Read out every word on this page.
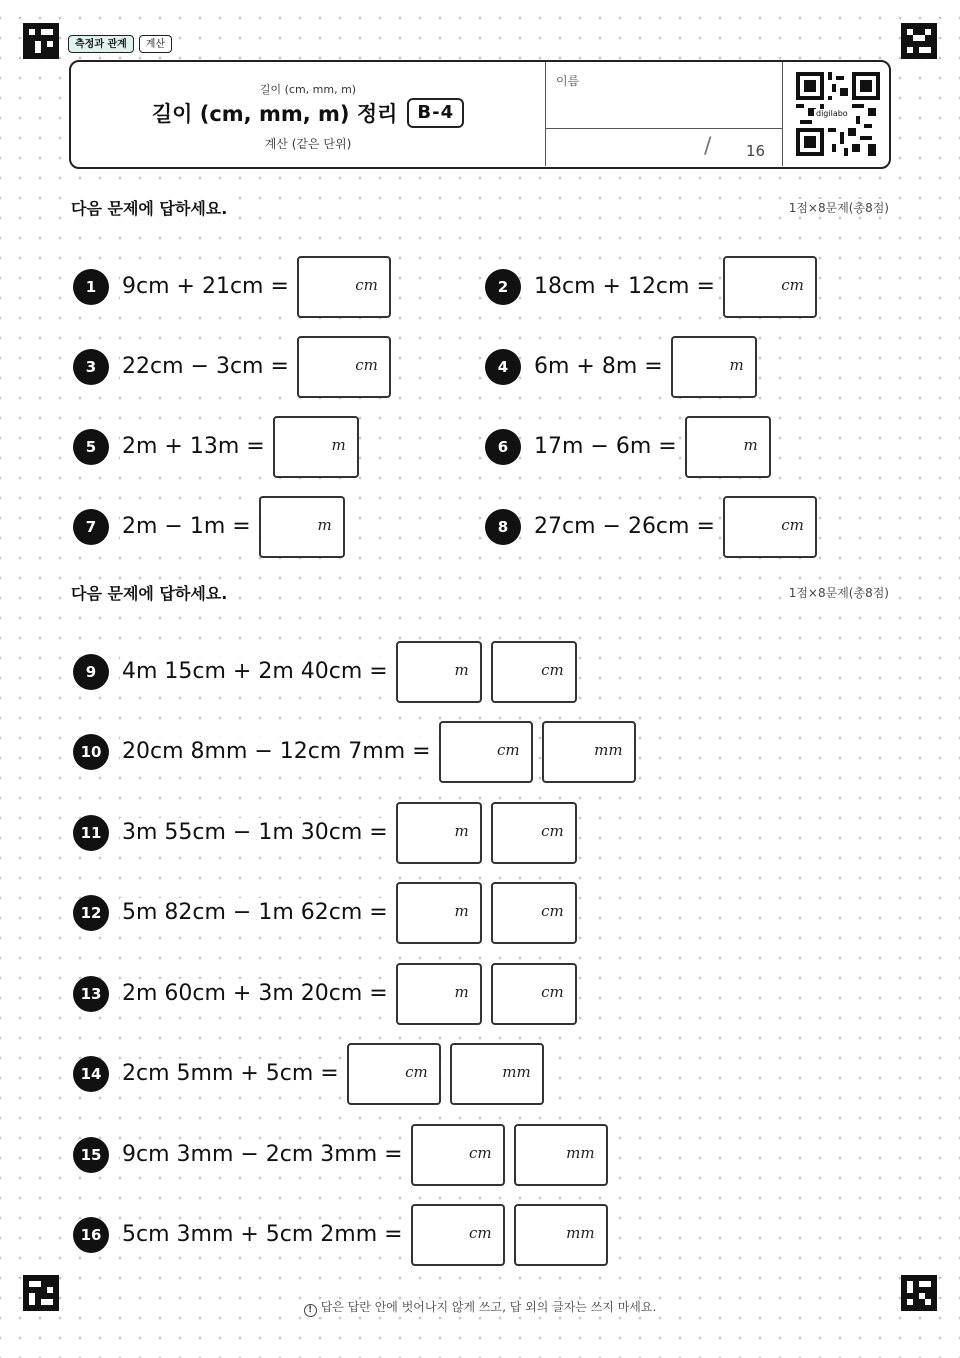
측정과 관계	계산
길이 (cm, mm, m)
길이 (cm, mm, m) 정리	B-4
계산 (같은 단위)
이름
/ 16
digilabo
다음 문제에 답하세요.	1점×8문제(총8점)
다음 문제에 답하세요.	1점×8문제(총8점)
1	9cm + 21cm =	cm	2	18cm + 12cm =	cm
3	22cm − 3cm =	cm	4	6m + 8m =	m
5	2m + 13m =	m	6	17m − 6m =	m
7	2m − 1m =	m	8	27cm − 26cm =	cm
9	4m 15cm + 2m 40cm =	m	cm
10 20cm 8mm − 12cm 7mm =	cm	mm
11 3m 55cm − 1m 30cm =	m	cm
12 5m 82cm − 1m 62cm =	m	cm
13 2m 60cm + 3m 20cm =	m	cm
14 2cm 5mm + 5cm =	cm	mm
15 9cm 3mm − 2cm 3mm =	cm	mm
16 5cm 3mm + 5cm 2mm =	cm	mm
! 답은 답란 안에 벗어나지 않게 쓰고, 답 외의 글자는 쓰지 마세요.
